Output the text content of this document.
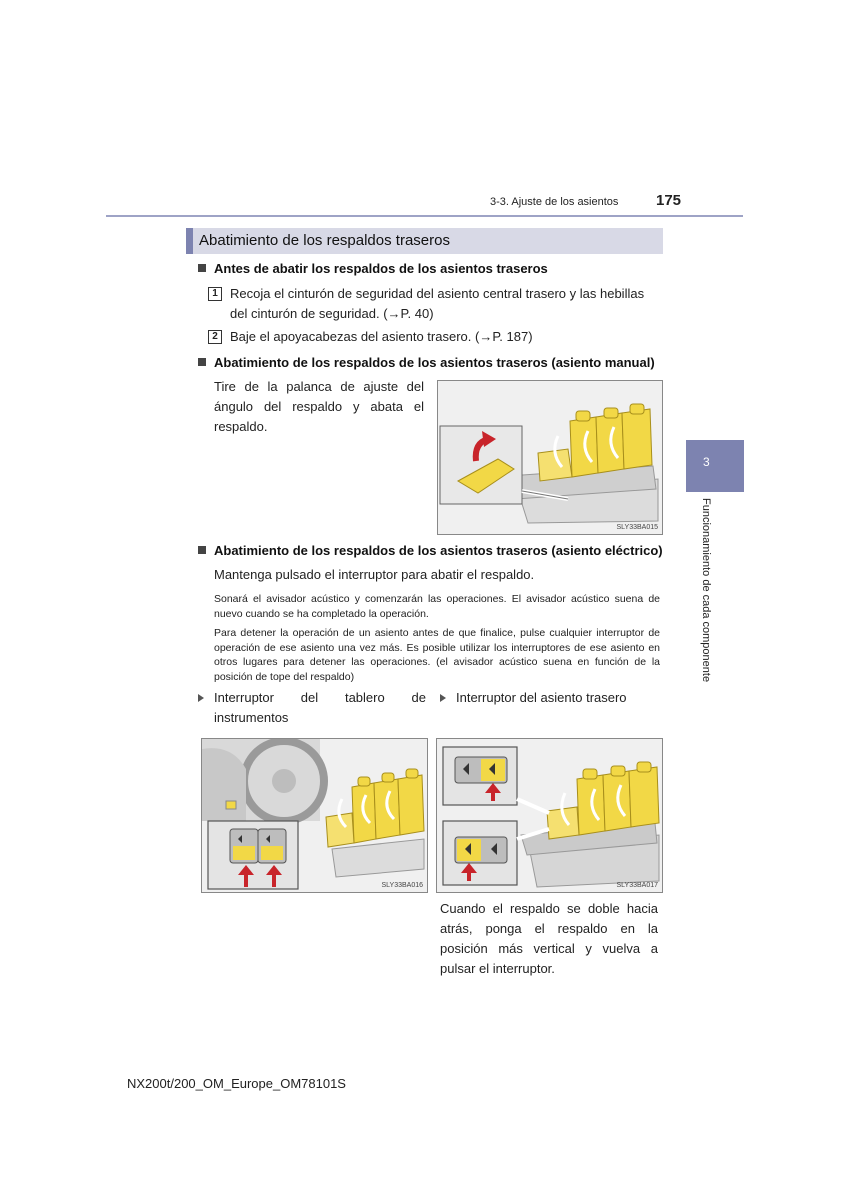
3-3. Ajuste de los asientos	175
3
Funcionamiento de cada componente
Abatimiento de los respaldos traseros
Antes de abatir los respaldos de los asientos traseros
1 Recoja el cinturón de seguridad del asiento central trasero y las hebillas del cinturón de seguridad. (→P. 40)
2 Baje el apoyacabezas del asiento trasero. (→P. 187)
Abatimiento de los respaldos de los asientos traseros (asiento manual)
Tire de la palanca de ajuste del ángulo del respaldo y abata el respaldo.
SLY33BA015
Abatimiento de los respaldos de los asientos traseros (asiento eléctrico)
Mantenga pulsado el interruptor para abatir el respaldo.
Sonará el avisador acústico y comenzarán las operaciones. El avisador acústico suena de nuevo cuando se ha completado la operación.
Para detener la operación de un asiento antes de que finalice, pulse cualquier interruptor de operación de ese asiento una vez más. Es posible utilizar los interruptores de ese asiento en otros lugares para detener las operaciones. (el avisador acústico suena en función de la posición de tope del respaldo)
Interruptor del tablero de instrumentos
Interruptor del asiento trasero
SLY33BA016	SLY33BA017
Cuando el respaldo se doble hacia atrás, ponga el respaldo en la posición más vertical y vuelva a pulsar el interruptor.
NX200t/200_OM_Europe_OM78101S
